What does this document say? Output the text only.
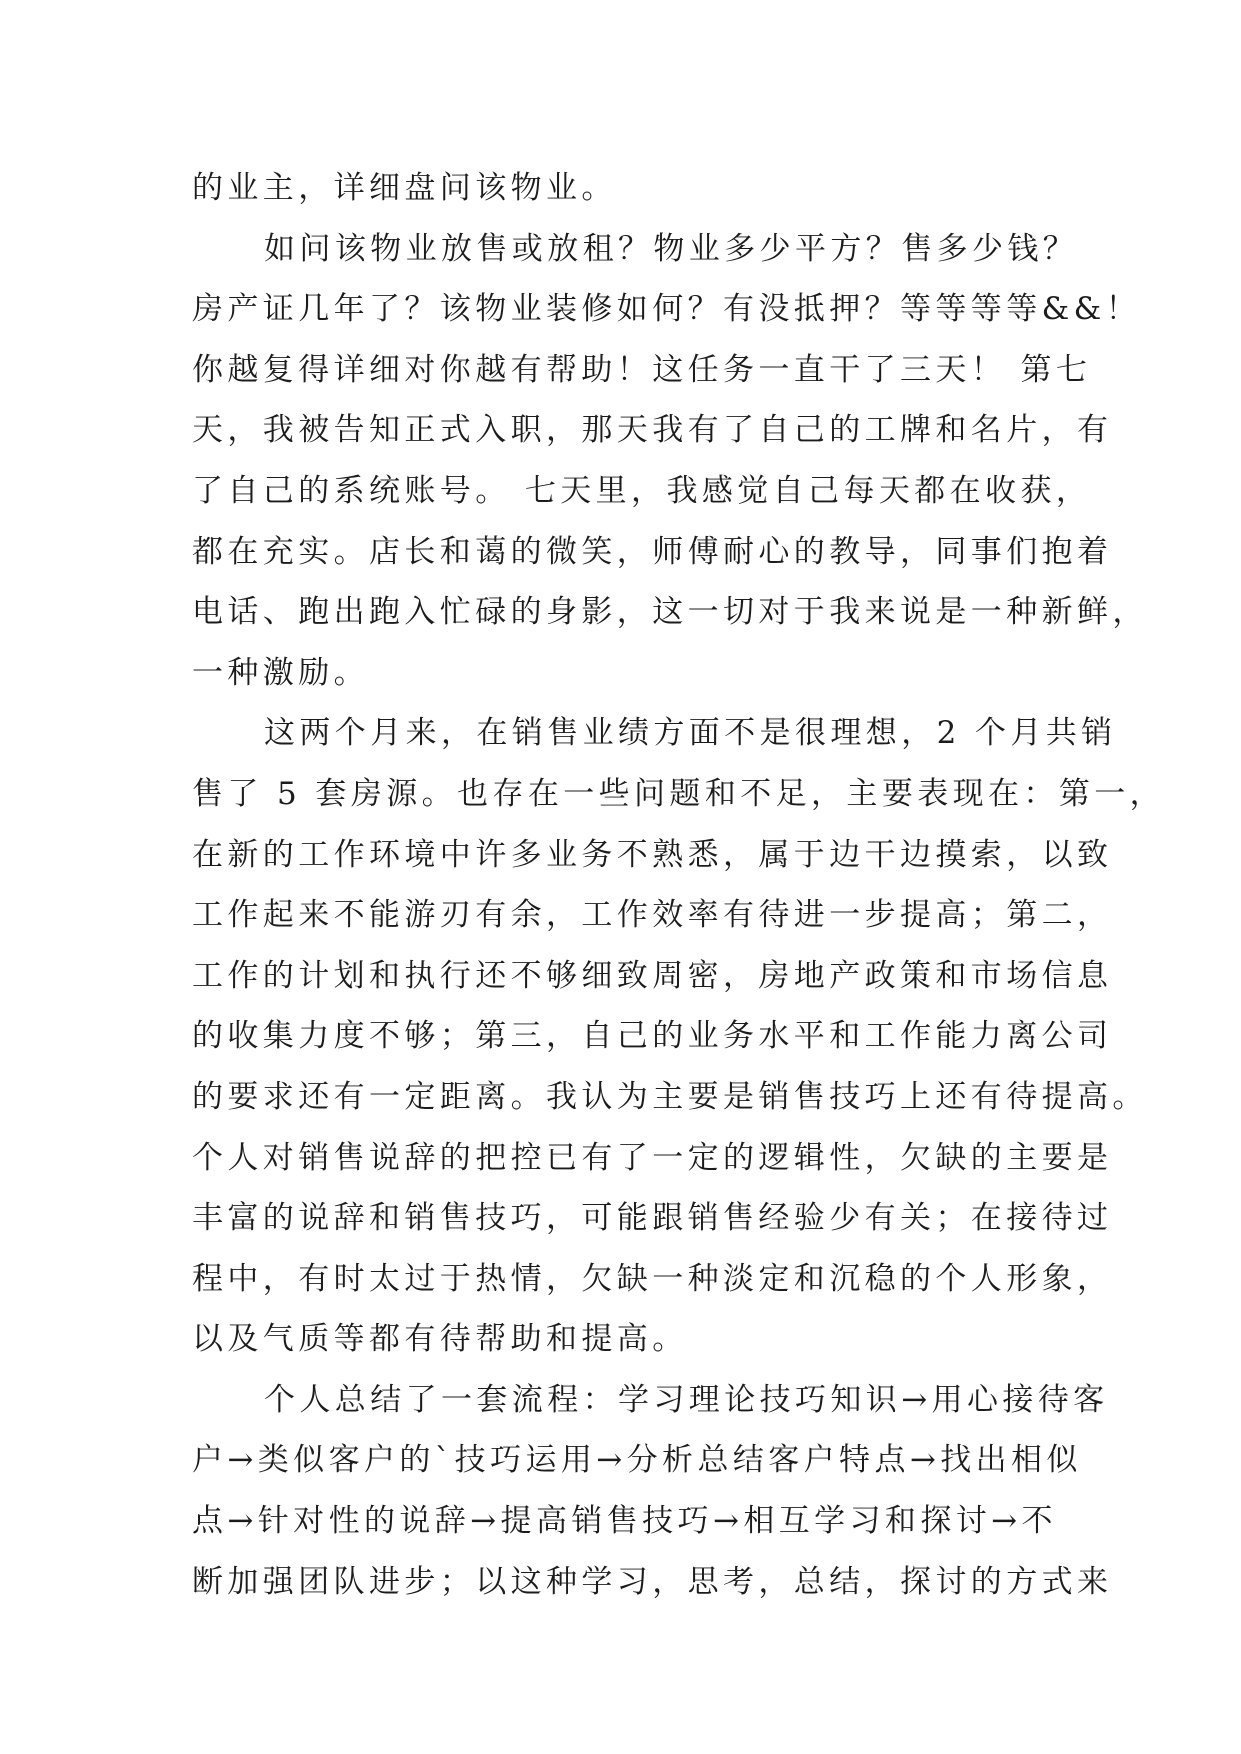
的业主，详细盘问该物业。
如问该物业放售或放租？物业多少平方？售多少钱？
房产证几年了？该物业装修如何？有没抵押？等等等等&&！
你越复得详细对你越有帮助！这任务一直干了三天！ 第七
天，我被告知正式入职，那天我有了自己的工牌和名片，有
了自己的系统账号。 七天里，我感觉自己每天都在收获，
都在充实。店长和蔼的微笑，师傅耐心的教导，同事们抱着
电话、跑出跑入忙碌的身影，这一切对于我来说是一种新鲜，
一种激励。
这两个月来，在销售业绩方面不是很理想，2 个月共销
售了 5 套房源。也存在一些问题和不足，主要表现在：第一，
在新的工作环境中许多业务不熟悉，属于边干边摸索，以致
工作起来不能游刃有余，工作效率有待进一步提高；第二，
工作的计划和执行还不够细致周密，房地产政策和市场信息
的收集力度不够；第三，自己的业务水平和工作能力离公司
的要求还有一定距离。我认为主要是销售技巧上还有待提高。
个人对销售说辞的把控已有了一定的逻辑性，欠缺的主要是
丰富的说辞和销售技巧，可能跟销售经验少有关；在接待过
程中，有时太过于热情，欠缺一种淡定和沉稳的个人形象，
以及气质等都有待帮助和提高。
个人总结了一套流程：学习理论技巧知识→用心接待客
户→类似客户的`技巧运用→分析总结客户特点→找出相似
点→针对性的说辞→提高销售技巧→相互学习和探讨→不
断加强团队进步；以这种学习，思考，总结，探讨的方式来
